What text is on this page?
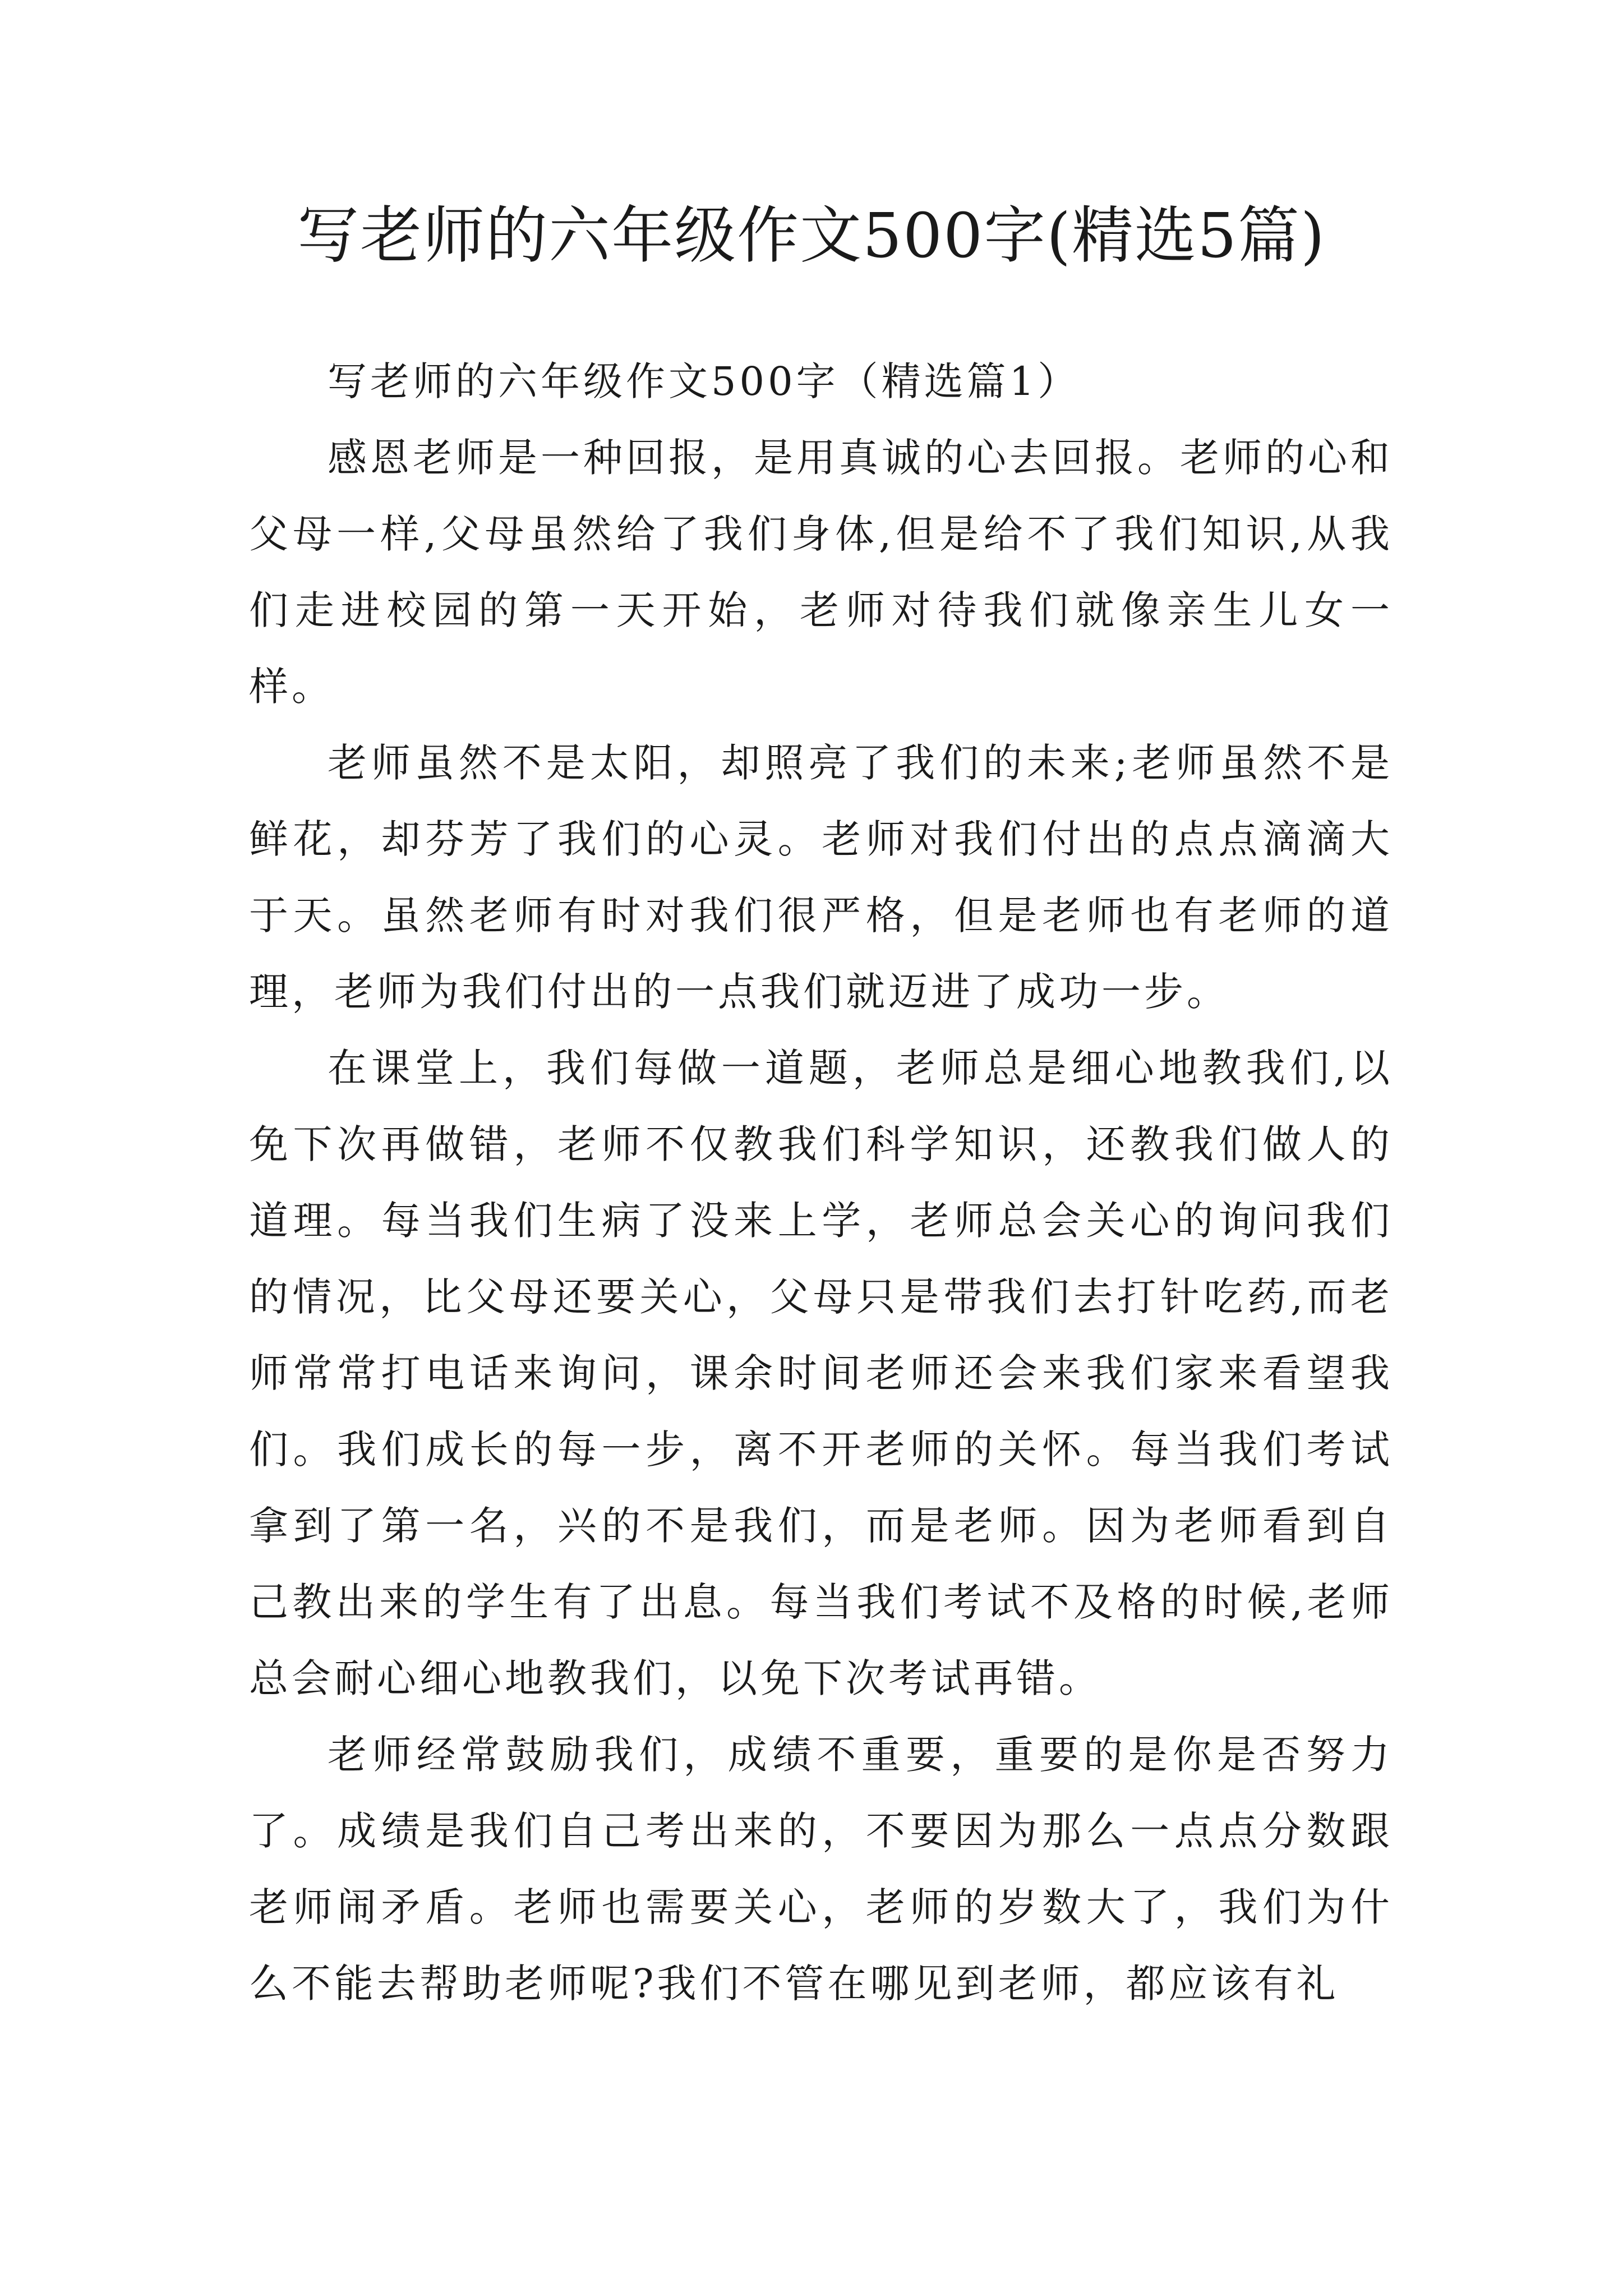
写老师的六年级作文500字(精选5篇)

写老师的六年级作文500字（精选篇1）

感恩老师是一种回报，是用真诚的心去回报。老师的心和父母一样,父母虽然给了我们身体,但是给不了我们知识,从我们走进校园的第一天开始，老师对待我们就像亲生儿女一样。

老师虽然不是太阳，却照亮了我们的未来;老师虽然不是鲜花，却芬芳了我们的心灵。老师对我们付出的点点滴滴大于天。虽然老师有时对我们很严格，但是老师也有老师的道理，老师为我们付出的一点我们就迈进了成功一步。

在课堂上，我们每做一道题，老师总是细心地教我们,以免下次再做错，老师不仅教我们科学知识，还教我们做人的道理。每当我们生病了没来上学，老师总会关心的询问我们的情况，比父母还要关心，父母只是带我们去打针吃药,而老师常常打电话来询问，课余时间老师还会来我们家来看望我们。我们成长的每一步，离不开老师的关怀。每当我们考试拿到了第一名，兴的不是我们，而是老师。因为老师看到自己教出来的学生有了出息。每当我们考试不及格的时候,老师总会耐心细心地教我们，以免下次考试再错。

老师经常鼓励我们，成绩不重要，重要的是你是否努力了。成绩是我们自己考出来的，不要因为那么一点点分数跟老师闹矛盾。老师也需要关心，老师的岁数大了，我们为什么不能去帮助老师呢?我们不管在哪见到老师，都应该有礼
